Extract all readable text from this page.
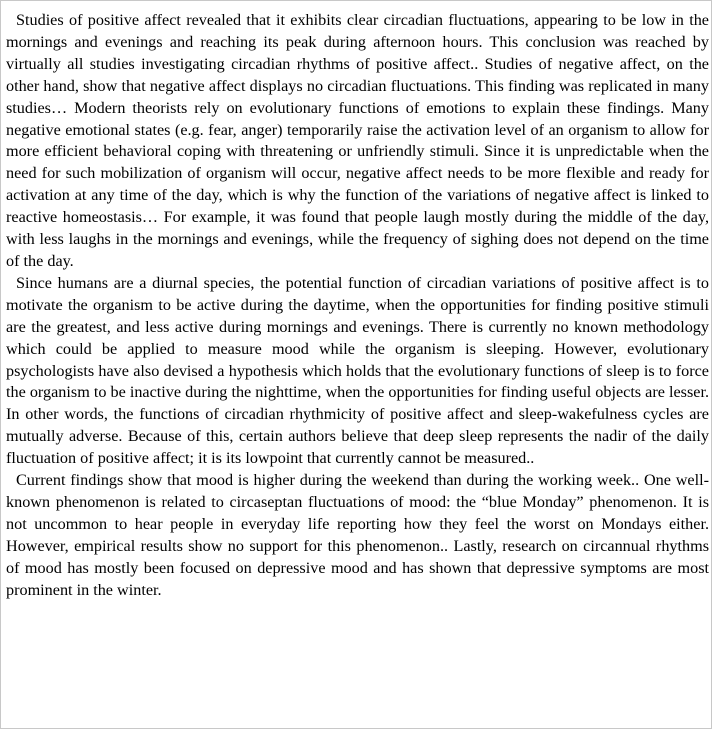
Studies of positive affect revealed that it exhibits clear circadian fluctuations, appearing to be low in the mornings and evenings and reaching its peak during afternoon hours. This conclusion was reached by virtually all studies investigating circadian rhythms of positive affect.. Studies of negative affect, on the other hand, show that negative affect displays no circadian fluctuations. This finding was replicated in many studies… Modern theorists rely on evolutionary functions of emotions to explain these findings. Many negative emotional states (e.g. fear, anger) temporarily raise the activation level of an organism to allow for more efficient behavioral coping with threatening or unfriendly stimuli. Since it is unpredictable when the need for such mobilization of organism will occur, negative affect needs to be more flexible and ready for activation at any time of the day, which is why the function of the variations of negative affect is linked to reactive homeostasis… For example, it was found that people laugh mostly during the middle of the day, with less laughs in the mornings and evenings, while the frequency of sighing does not depend on the time of the day.

Since humans are a diurnal species, the potential function of circadian variations of positive affect is to motivate the organism to be active during the daytime, when the opportunities for finding positive stimuli are the greatest, and less active during mornings and evenings. There is currently no known methodology which could be applied to measure mood while the organism is sleeping. However, evolutionary psychologists have also devised a hypothesis which holds that the evolutionary functions of sleep is to force the organism to be inactive during the nighttime, when the opportunities for finding useful objects are lesser. In other words, the functions of circadian rhythmicity of positive affect and sleep-wakefulness cycles are mutually adverse. Because of this, certain authors believe that deep sleep represents the nadir of the daily fluctuation of positive affect; it is its lowpoint that currently cannot be measured..

Current findings show that mood is higher during the weekend than during the working week.. One well-known phenomenon is related to circaseptan fluctuations of mood: the “blue Monday” phenomenon. It is not uncommon to hear people in everyday life reporting how they feel the worst on Mondays either. However, empirical results show no support for this phenomenon.. Lastly, research on circannual rhythms of mood has mostly been focused on depressive mood and has shown that depressive symptoms are most prominent in the winter.
